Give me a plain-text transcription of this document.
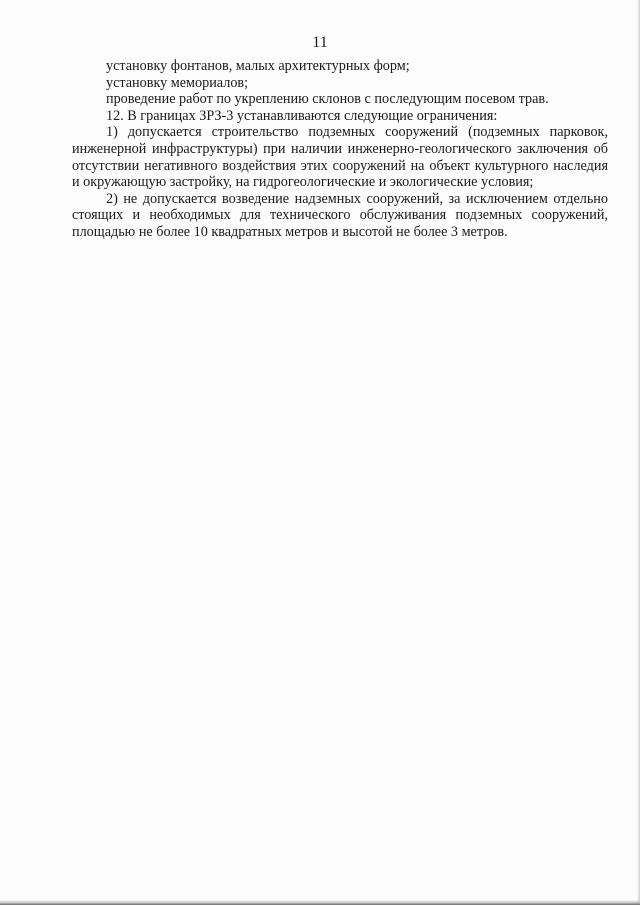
11

установку фонтанов, малых архитектурных форм;

установку мемориалов;

проведение работ по укреплению склонов с последующим посевом трав.

12. В границах ЗРЗ-3 устанавливаются следующие ограничения:

1) допускается строительство подземных сооружений (подземных парковок, инженерной инфраструктуры) при наличии инженерно-геологического заключения об отсутствии негативного воздействия этих сооружений на объект культурного наследия и окружающую застройку, на гидрогеологические и экологические условия;

2) не допускается возведение надземных сооружений, за исключением отдельно стоящих и необходимых для технического обслуживания подземных сооружений, площадью не более 10 квадратных метров и высотой не более 3 метров.
